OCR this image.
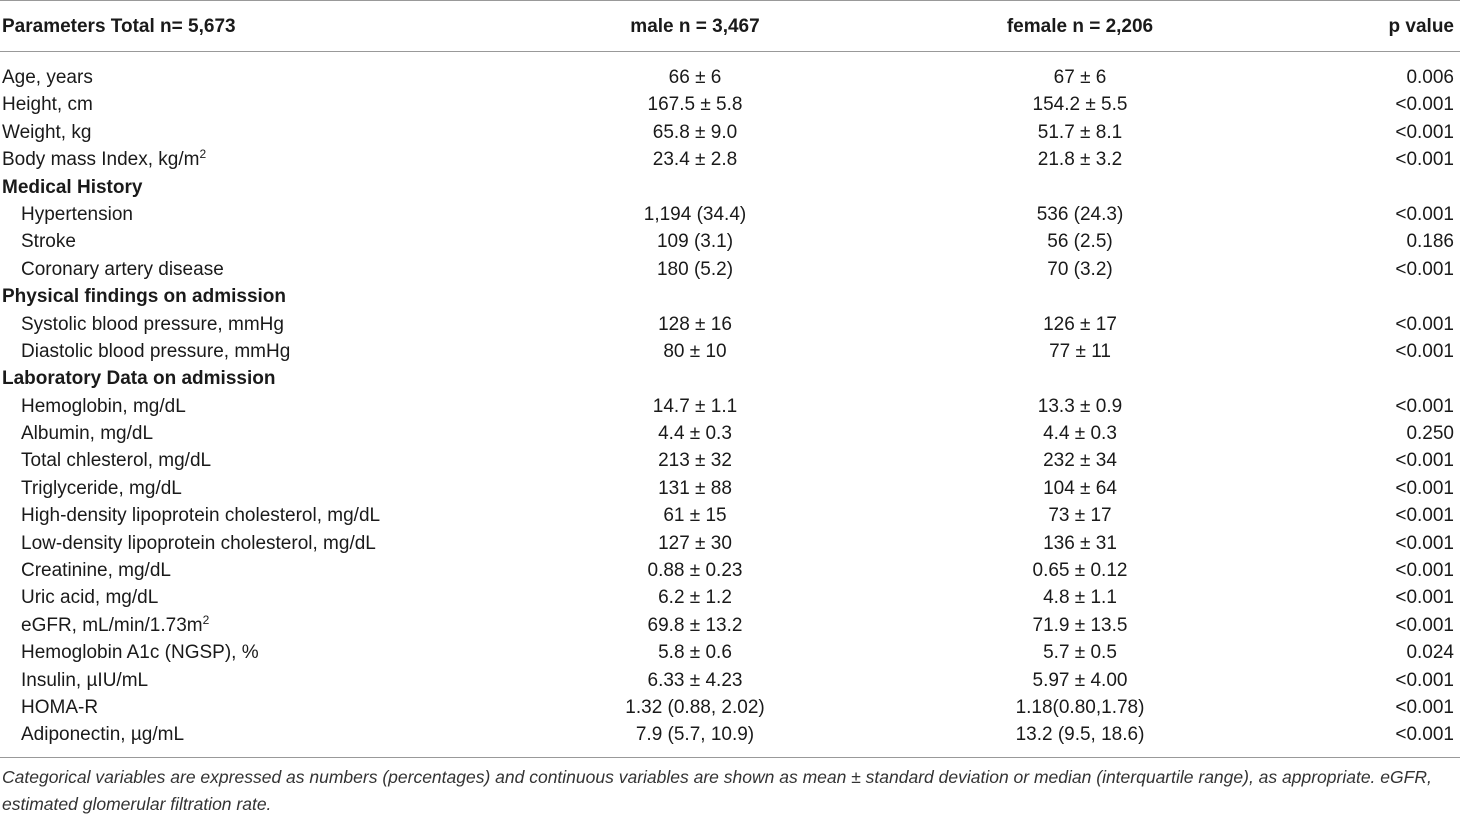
Parameters Total n= 5,673	male n = 3,467	female n = 2,206	p value
Age, years	66 ± 6	67 ± 6	0.006
Height, cm	167.5 ± 5.8	154.2 ± 5.5	<0.001
Weight, kg	65.8 ± 9.0	51.7 ± 8.1	<0.001
Body mass Index, $kg/m^2$	23.4 ± 2.8	21.8 ± 3.2	<0.001
Medical History
Hypertension	1,194 (34.4)	536 (24.3)	<0.001
Stroke	109 (3.1)	56 (2.5)	0.186
Coronary artery disease	180 (5.2)	70 (3.2)	<0.001
Physical findings on admission
Systolic blood pressure, mmHg	128 ± 16	126 ± 17	<0.001
Diastolic blood pressure, mmHg	80 ± 10	77 ± 11	<0.001
Laboratory Data on admission
Hemoglobin, mg/dL	14.7 ± 1.1	13.3 ± 0.9	<0.001
Albumin, mg/dL	4.4 ± 0.3	4.4 ± 0.3	0.250
Total chlesterol, mg/dL	213 ± 32	232 ± 34	<0.001
Triglyceride, mg/dL	131 ± 88	104 ± 64	<0.001
High-density lipoprotein cholesterol, mg/dL	61 ± 15	73 ± 17	<0.001
Low-density lipoprotein cholesterol, mg/dL	127 ± 30	136 ± 31	<0.001
Creatinine, mg/dL	0.88 ± 0.23	0.65 ± 0.12	<0.001
Uric acid, mg/dL	6.2 ± 1.2	4.8 ± 1.1	<0.001
eGFR, $mL/\min/1.73m^2$	69.8 ± 13.2	71.9 ± 13.5	<0.001
Hemoglobin A1c (NGSP), %	5.8 ± 0.6	5.7 ± 0.5	0.024
Insulin, µIU/mL	6.33 ± 4.23	5.97 ± 4.00	<0.001
HOMA-R	1.32 (0.88, 2.02)	1.18(0.80,1.78)	<0.001
Adiponectin, µg/mL	7.9 (5.7, 10.9)	13.2 (9.5, 18.6)	<0.001
Categorical variables are expressed as numbers (percentages) and continuous variables are shown as mean ± standard deviation or median (interquartile range), as appropriate. eGFR, estimated glomerular filtration rate.
